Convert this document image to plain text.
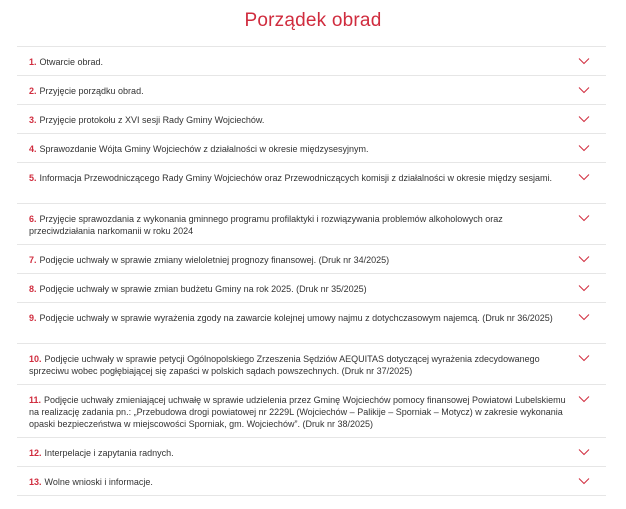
Porządek obrad
1. Otwarcie obrad.
2. Przyjęcie porządku obrad.
3. Przyjęcie protokołu z XVI sesji Rady Gminy Wojciechów.
4. Sprawozdanie Wójta Gminy Wojciechów z działalności w okresie międzysesyjnym.
5. Informacja Przewodniczącego Rady Gminy Wojciechów oraz Przewodniczących komisji z działalności w okresie między sesjami.
6. Przyjęcie sprawozdania z wykonania gminnego programu profilaktyki i rozwiązywania problemów alkoholowych oraz przeciwdziałania narkomanii w roku 2024
7. Podjęcie uchwały w sprawie zmiany wieloletniej prognozy finansowej. (Druk nr 34/2025)
8. Podjęcie uchwały w sprawie zmian budżetu Gminy na rok 2025. (Druk nr 35/2025)
9. Podjęcie uchwały w sprawie wyrażenia zgody na zawarcie kolejnej umowy najmu z dotychczasowym najemcą. (Druk nr 36/2025)
10. Podjęcie uchwały w sprawie petycji Ogólnopolskiego Zrzeszenia Sędziów AEQUITAS dotyczącej wyrażenia zdecydowanego sprzeciwu wobec pogłębiającej się zapaści w polskich sądach powszechnych. (Druk nr 37/2025)
11. Podjęcie uchwały zmieniającej uchwałę w sprawie udzielenia przez Gminę Wojciechów pomocy finansowej Powiatowi Lubelskiemu na realizację zadania pn.: „Przebudowa drogi powiatowej nr 2229L (Wojciechów – Palikije – Sporniak – Motycz) w zakresie wykonania opaski bezpieczeństwa w miejscowości Sporniak, gm. Wojciechów”. (Druk nr 38/2025)
12. Interpelacje i zapytania radnych.
13. Wolne wnioski i informacje.
